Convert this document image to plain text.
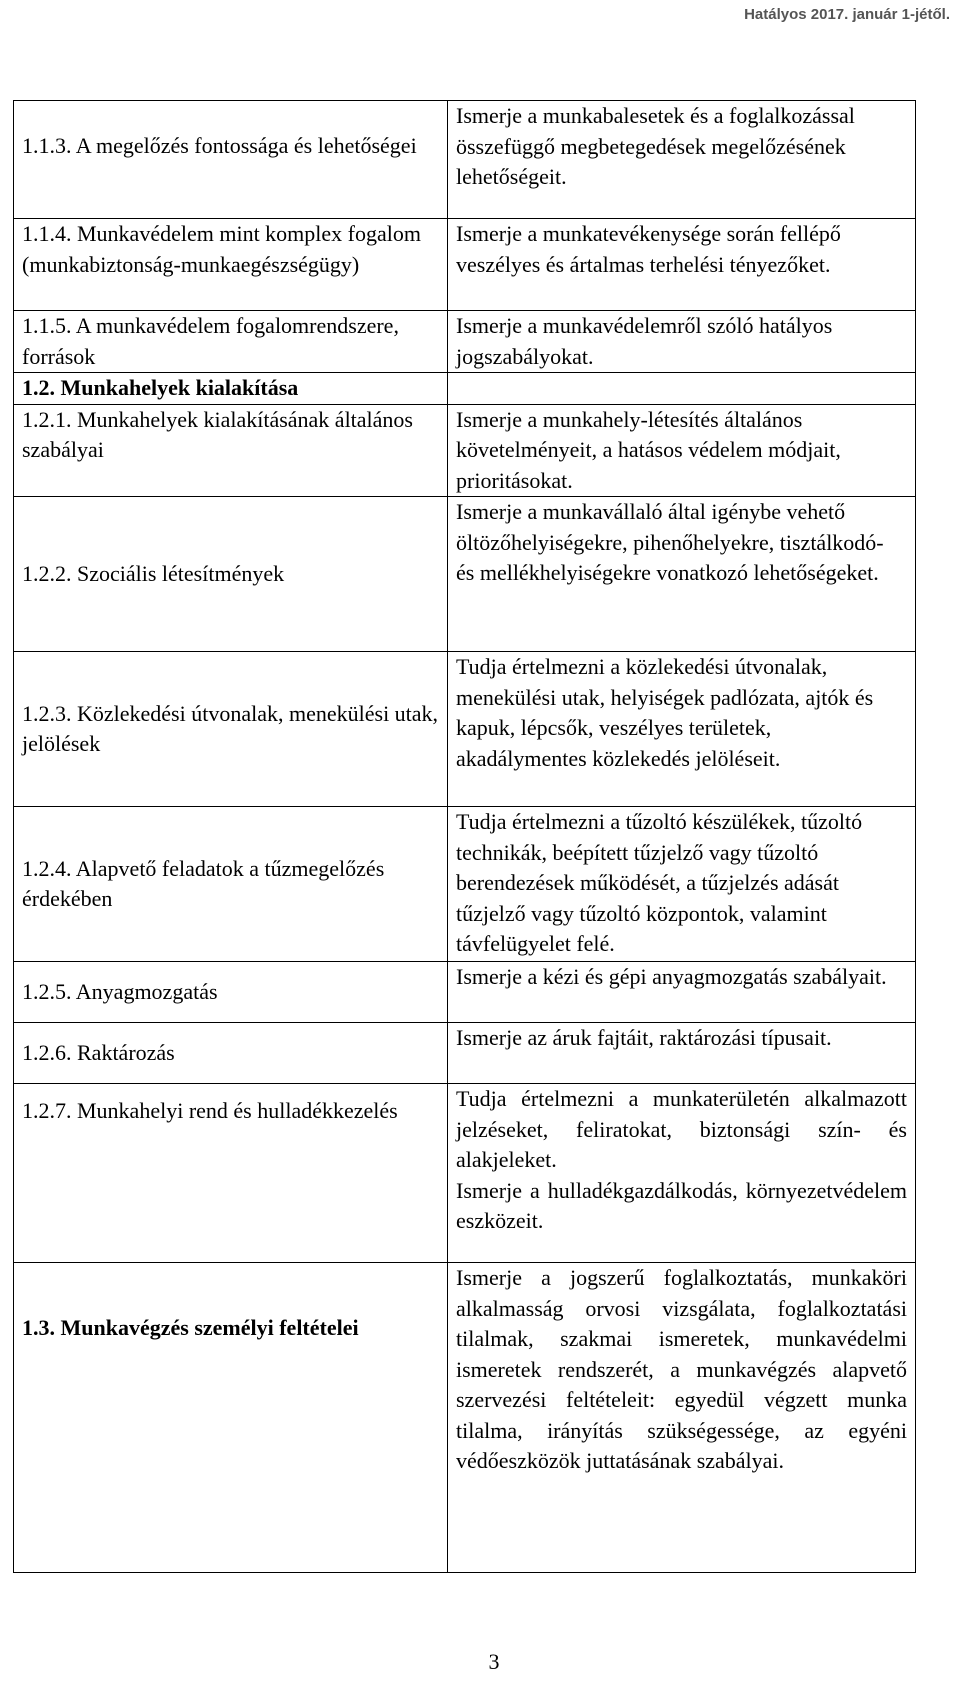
Hatályos 2017. január 1-jétől.
1.1.3. A megelőzés fontossága és lehetőségei	Ismerje a munkabalesetek és a foglalkozással összefüggő megbetegedések megelőzésének lehetőségeit.
1.1.4. Munkavédelem mint komplex fogalom (munkabiztonság-munkaegészségügy)	Ismerje a munkatevékenysége során fellépő veszélyes és ártalmas terhelési tényezőket.
1.1.5. A munkavédelem fogalomrendszere, források	Ismerje a munkavédelemről szóló hatályos jogszabályokat.
1.2. Munkahelyek kialakítása	
1.2.1. Munkahelyek kialakításának általános szabályai	Ismerje a munkahely-létesítés általános követelményeit, a hatásos védelem módjait, prioritásokat.
1.2.2. Szociális létesítmények	Ismerje a munkavállaló által igénybe vehető öltözőhelyiségekre, pihenőhelyekre, tisztálkodó- és mellékhelyiségekre vonatkozó lehetőségeket.
1.2.3. Közlekedési útvonalak, menekülési utak, jelölések	Tudja értelmezni a közlekedési útvonalak, menekülési utak, helyiségek padlózata, ajtók és kapuk, lépcsők, veszélyes területek, akadálymentes közlekedés jelöléseit.
1.2.4. Alapvető feladatok a tűzmegelőzés érdekében	Tudja értelmezni a tűzoltó készülékek, tűzoltó technikák, beépített tűzjelző vagy tűzoltó berendezések működését, a tűzjelzés adását tűzjelző vagy tűzoltó központok, valamint távfelügyelet felé.
1.2.5. Anyagmozgatás	Ismerje a kézi és gépi anyagmozgatás szabályait.
1.2.6. Raktározás	Ismerje az áruk fajtáit, raktározási típusait.
1.2.7. Munkahelyi rend és hulladékkezelés	Tudja értelmezni a munkaterületén alkalmazott jelzéseket, feliratokat, biztonsági szín- és alakjeleket.
Ismerje a hulladékgazdálkodás, környezetvédelem eszközeit.

1.3. Munkavégzés személyi feltételei	Ismerje a jogszerű foglalkoztatás, munkaköri alkalmasság orvosi vizsgálata, foglalkoztatási tilalmak, szakmai ismeretek, munkavédelmi ismeretek rendszerét, a munkavégzés alapvető szervezési feltételeit: egyedül végzett munka tilalma, irányítás szükségessége, az egyéni védőeszközök juttatásának szabályai.
3
